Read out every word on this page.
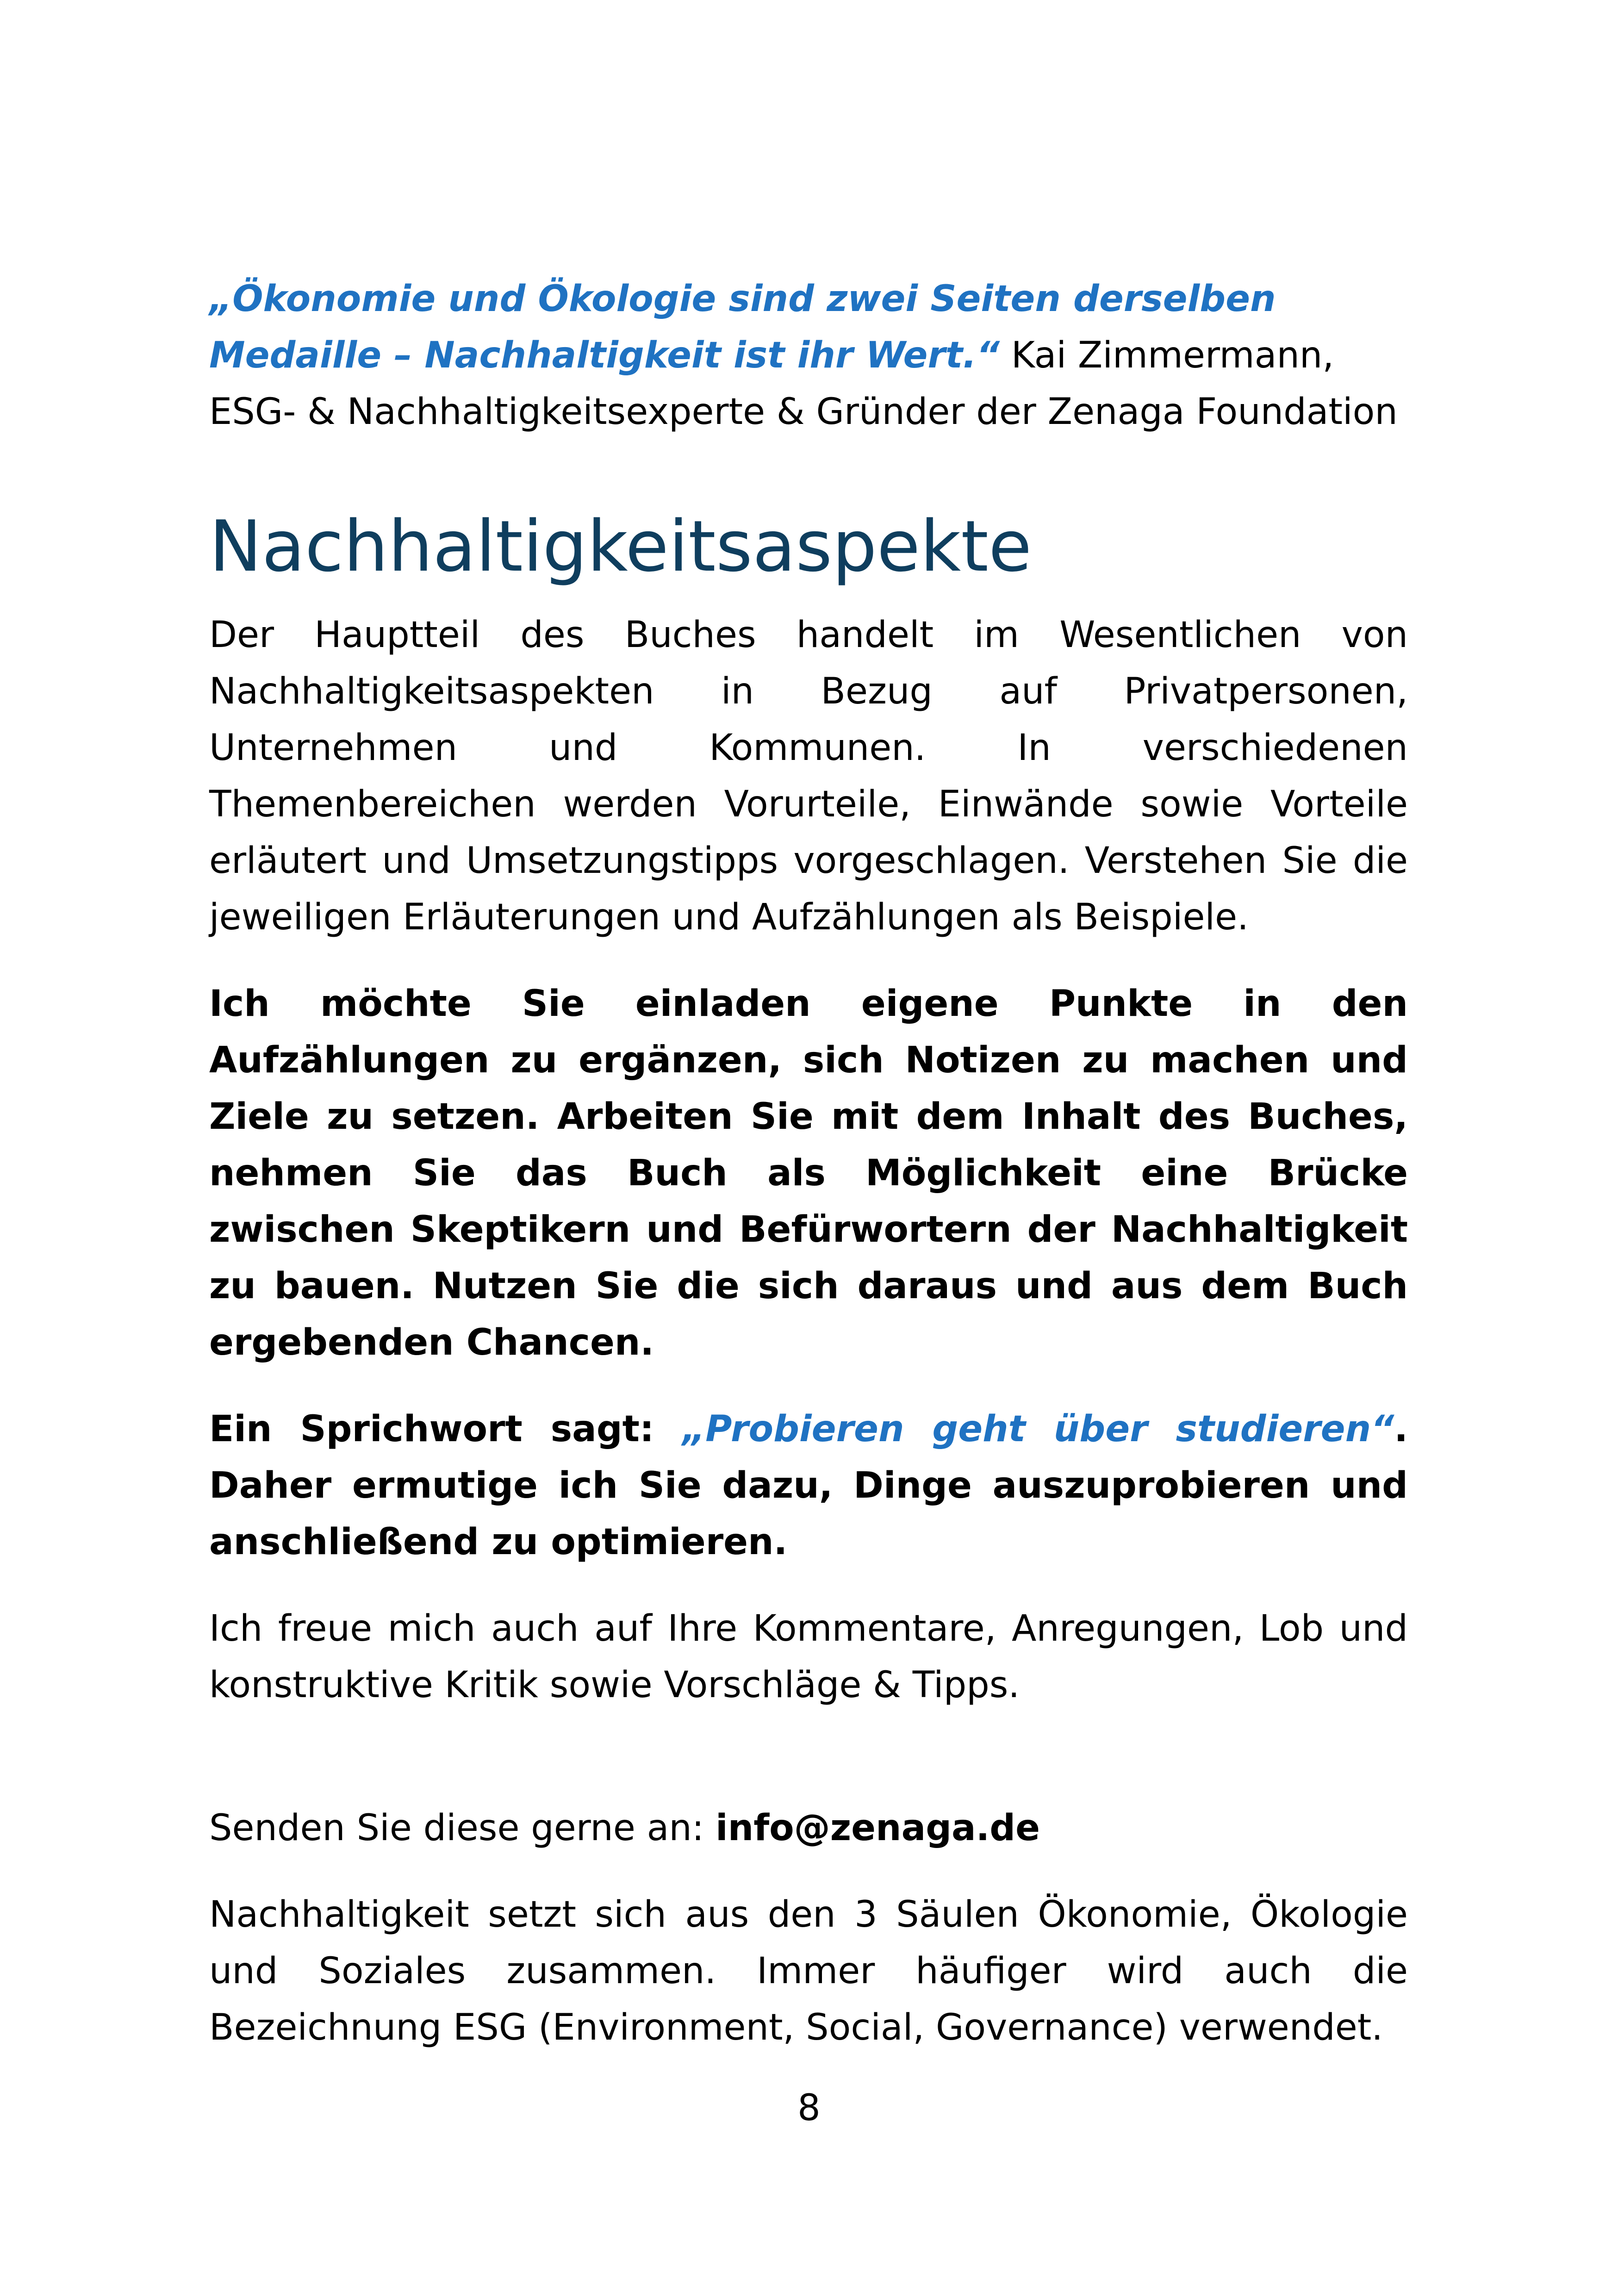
„Ökonomie und Ökologie sind zwei Seiten derselben Medaille – Nachhaltigkeit ist ihr Wert.“ Kai Zimmermann, ESG- & Nachhaltigkeitsexperte & Gründer der Zenaga Foundation

Nachhaltigkeitsaspekte

Der Hauptteil des Buches handelt im Wesentlichen von Nachhaltigkeitsaspekten in Bezug auf Privatpersonen, Unternehmen und Kommunen. In verschiedenen Themenbereichen werden Vorurteile, Einwände sowie Vorteile erläutert und Umsetzungstipps vorgeschlagen. Verstehen Sie die jeweiligen Erläuterungen und Aufzählungen als Beispiele.

Ich möchte Sie einladen eigene Punkte in den Aufzählungen zu ergänzen, sich Notizen zu machen und Ziele zu setzen. Arbeiten Sie mit dem Inhalt des Buches, nehmen Sie das Buch als Möglichkeit eine Brücke zwischen Skeptikern und Befürwortern der Nachhaltigkeit zu bauen. Nutzen Sie die sich daraus und aus dem Buch ergebenden Chancen.

Ein Sprichwort sagt: „Probieren geht über studieren“. Daher ermutige ich Sie dazu, Dinge auszuprobieren und anschließend zu optimieren.

Ich freue mich auch auf Ihre Kommentare, Anregungen, Lob und konstruktive Kritik sowie Vorschläge & Tipps.

Senden Sie diese gerne an: info@zenaga.de

Nachhaltigkeit setzt sich aus den 3 Säulen Ökonomie, Ökologie und Soziales zusammen. Immer häufiger wird auch die Bezeichnung ESG (Environment, Social, Governance) verwendet.

8
